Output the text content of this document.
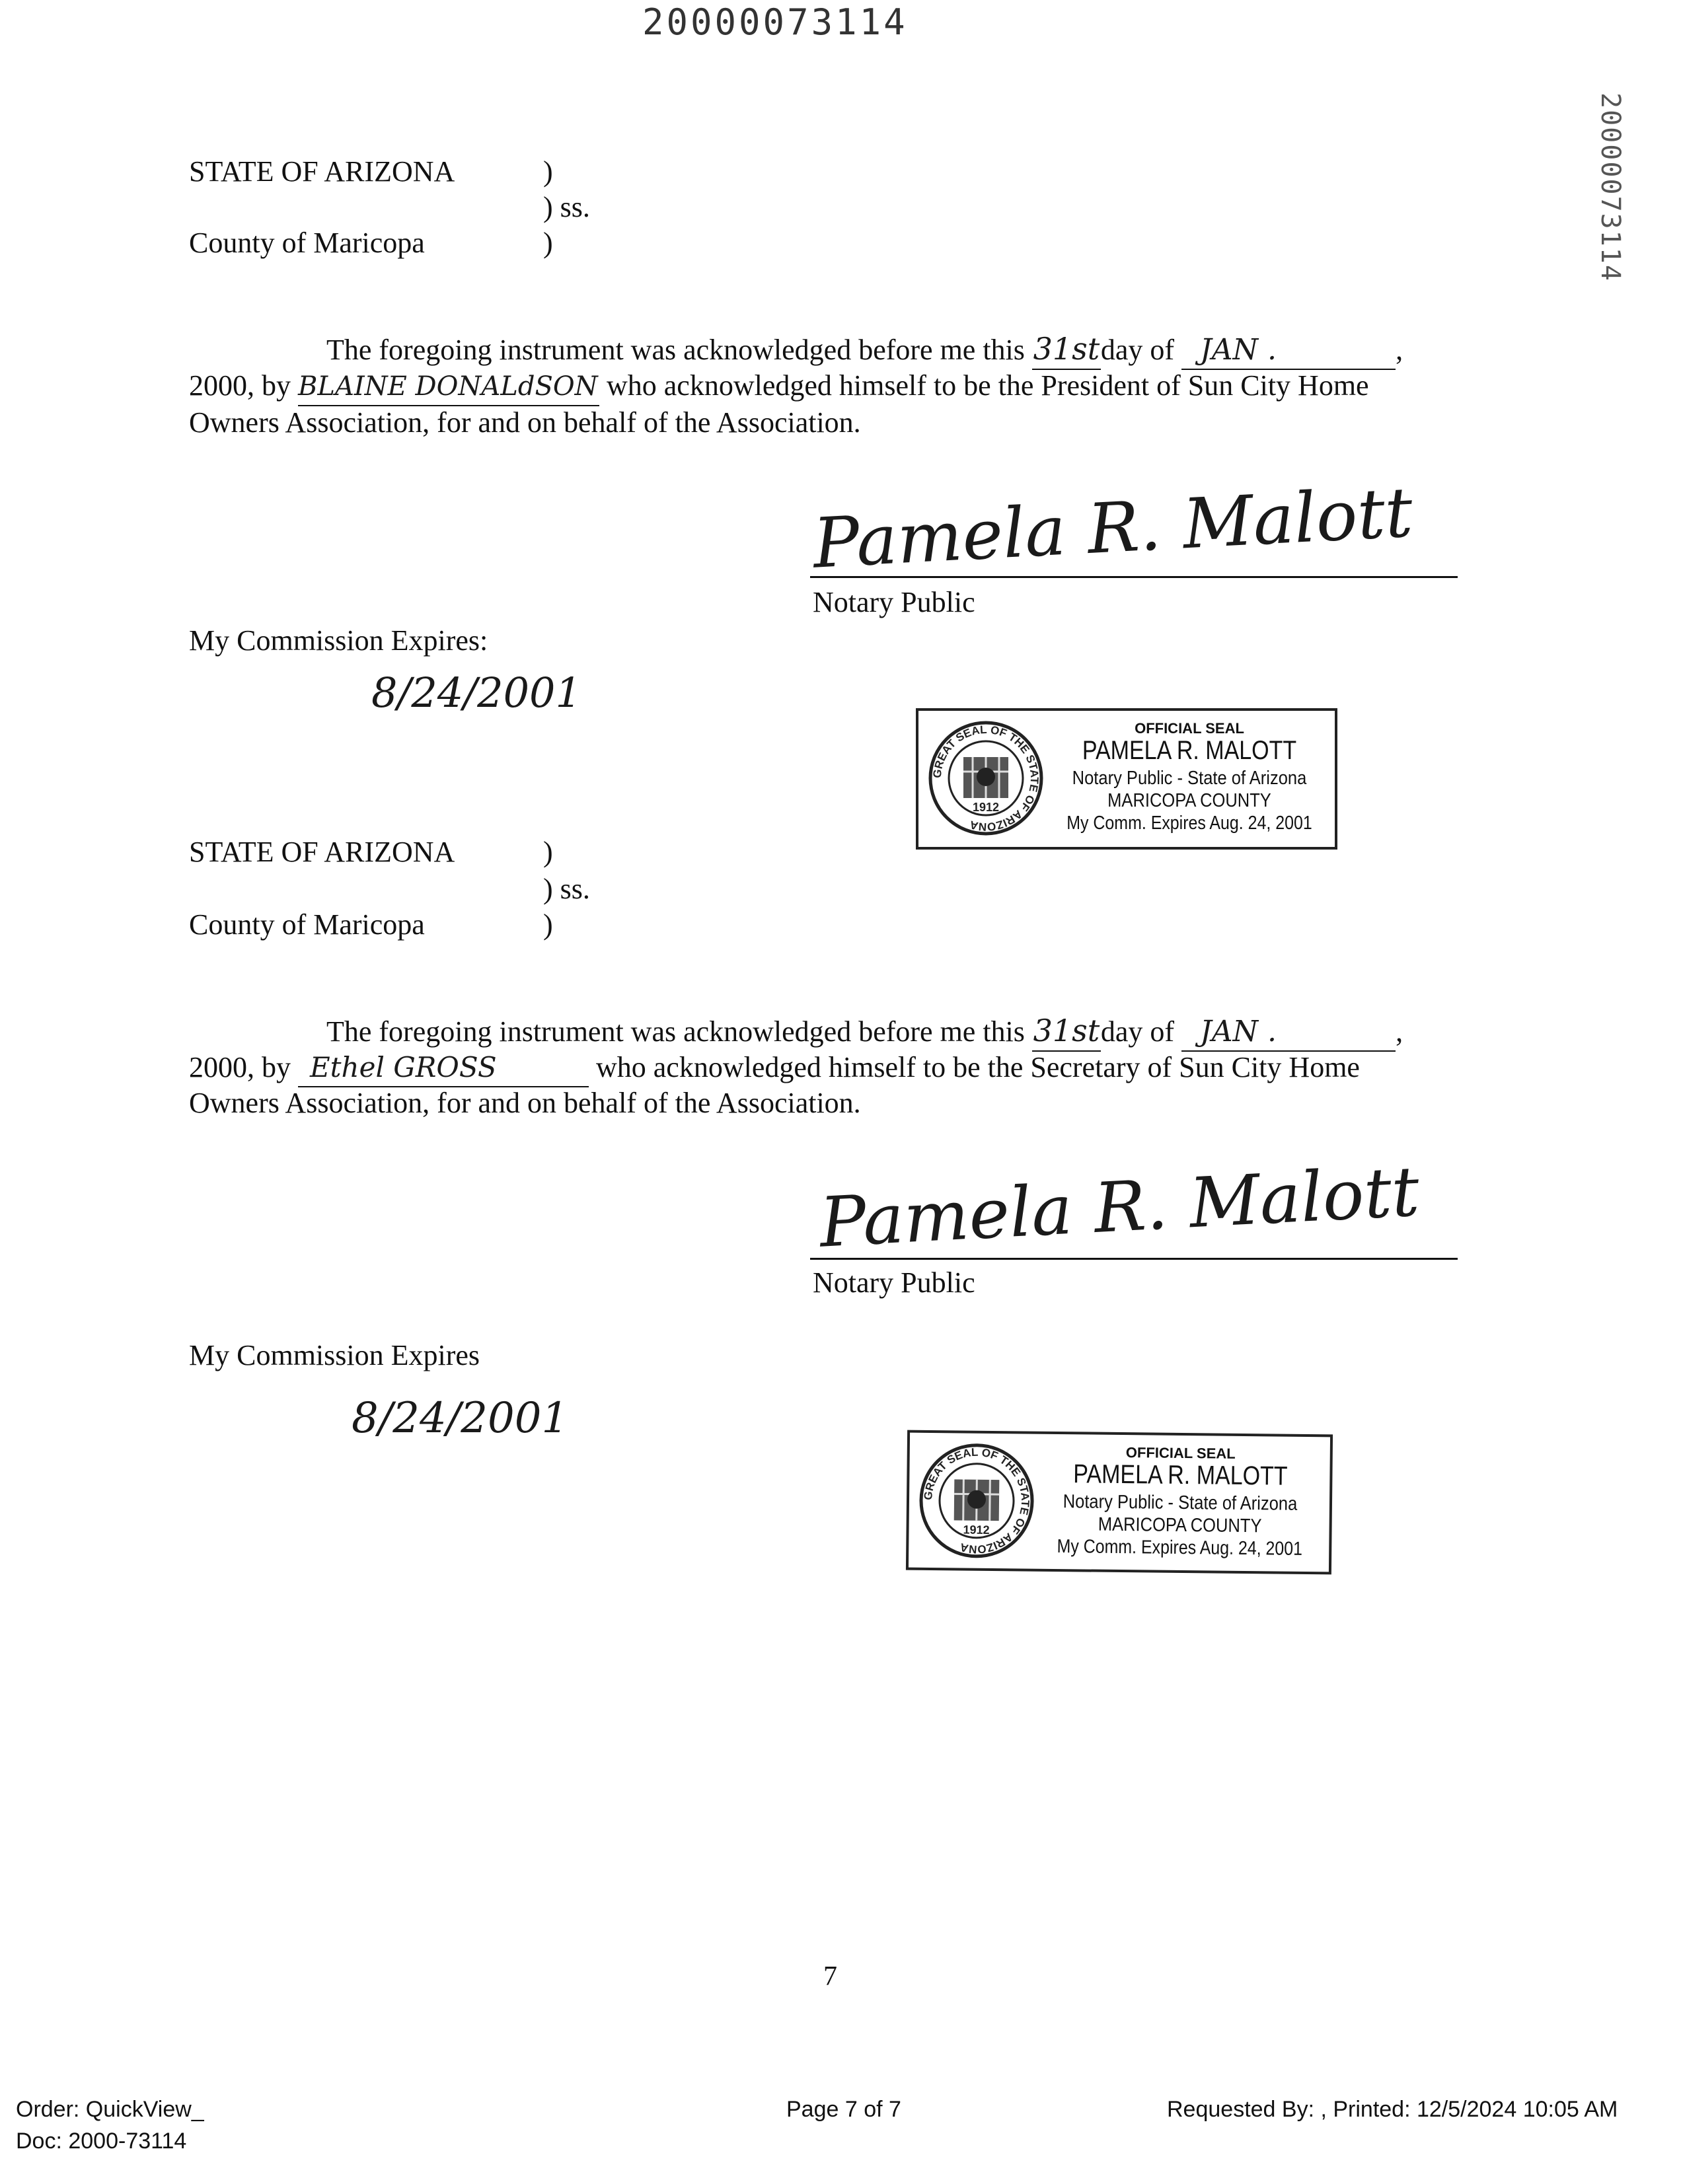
20000073114
20000073114
STATE OF ARIZONA	)
) ss.
County of Maricopa	)
The foregoing instrument was acknowledged before me this 31stday of JAN .	,
2000, by BLAINE DONALdSON who acknowledged himself to be the President of Sun City Home
Owners Association, for and on behalf of the Association.
Pamela R. Malott
Notary Public
My Commission Expires:
8/24/2001
GREAT SEAL OF THE STATE OF ARIZONA
1912
OFFICIAL SEAL
PAMELA R. MALOTT
Notary Public - State of Arizona
MARICOPA COUNTY
My Comm. Expires Aug. 24, 2001
STATE OF ARIZONA	)
) ss.
County of Maricopa	)
The foregoing instrument was acknowledged before me this 31stday of JAN .	,
2000, by Ethel GROSS	who acknowledged himself to be the Secretary of Sun City Home
Owners Association, for and on behalf of the Association.
Pamela R. Malott
Notary Public
My Commission Expires
8/24/2001
GREAT SEAL OF THE STATE OF ARIZONA
1912
OFFICIAL SEAL
PAMELA R. MALOTT
Notary Public - State of Arizona
MARICOPA COUNTY
My Comm. Expires Aug. 24, 2001
7
Order: QuickView_
Doc: 2000-73114
Page 7 of 7	Requested By: , Printed: 12/5/2024 10:05 AM
